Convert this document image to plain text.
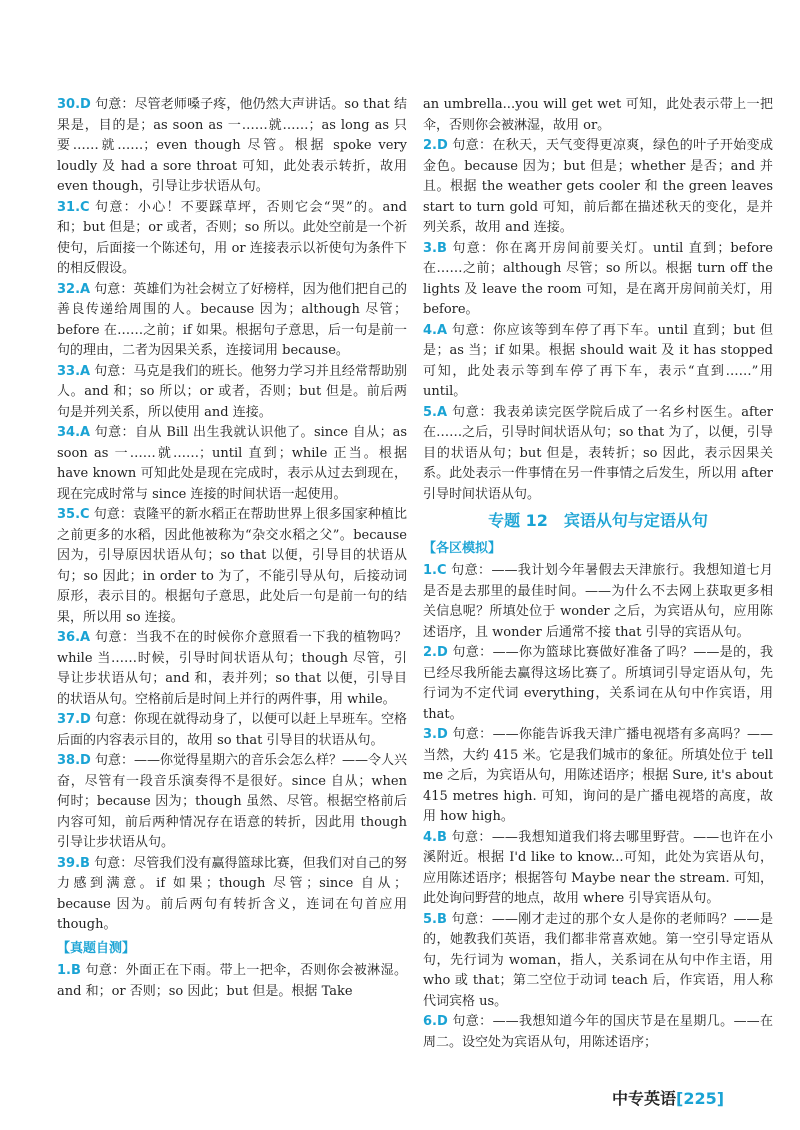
30.D 句意：尽管老师嗓子疼，他仍然大声讲话。so that 结果是，目的是；as soon as 一……就……；as long as 只要……就……；even though 尽管。根据 spoke very loudly 及 had a sore throat 可知，此处表示转折，故用 even though，引导让步状语从句。

31.C 句意：小心！不要踩草坪，否则它会“哭”的。and 和；but 但是；or 或者，否则；so 所以。此处空前是一个祈使句，后面接一个陈述句，用 or 连接表示以祈使句为条件下的相反假设。

32.A 句意：英雄们为社会树立了好榜样，因为他们把自己的善良传递给周围的人。because 因为；although 尽管；before 在……之前；if 如果。根据句子意思，后一句是前一句的理由，二者为因果关系，连接词用 because。

33.A 句意：马克是我们的班长。他努力学习并且经常帮助别人。and 和；so 所以；or 或者，否则；but 但是。前后两句是并列关系，所以使用 and 连接。

34.A 句意：自从 Bill 出生我就认识他了。since 自从；as soon as 一……就……；until 直到；while 正当。根据 have known 可知此处是现在完成时，表示从过去到现在，现在完成时常与 since 连接的时间状语一起使用。

35.C 句意：袁隆平的新水稻正在帮助世界上很多国家种植比之前更多的水稻，因此他被称为“杂交水稻之父”。because 因为，引导原因状语从句；so that 以便，引导目的状语从句；so 因此；in order to 为了，不能引导从句，后接动词原形，表示目的。根据句子意思，此处后一句是前一句的结果，所以用 so 连接。

36.A 句意：当我不在的时候你介意照看一下我的植物吗？while 当……时候，引导时间状语从句；though 尽管，引导让步状语从句；and 和，表并列；so that 以便，引导目的状语从句。空格前后是时间上并行的两件事，用 while。

37.D 句意：你现在就得动身了，以便可以赶上早班车。空格后面的内容表示目的，故用 so that 引导目的状语从句。

38.D 句意：——你觉得星期六的音乐会怎么样？——令人兴奋，尽管有一段音乐演奏得不是很好。since 自从；when 何时；because 因为；though 虽然、尽管。根据空格前后内容可知，前后两种情况存在语意的转折，因此用 though 引导让步状语从句。

39.B 句意：尽管我们没有赢得篮球比赛，但我们对自己的努力感到满意。if 如果；though 尽管；since 自从；because 因为。前后两句有转折含义，连词在句首应用 though。

【真题自测】

1.B 句意：外面正在下雨。带上一把伞，否则你会被淋湿。and 和；or 否则；so 因此；but 但是。根据 Take

an umbrella...you will get wet 可知，此处表示带上一把伞，否则你会被淋湿，故用 or。

2.D 句意：在秋天，天气变得更凉爽，绿色的叶子开始变成金色。because 因为；but 但是；whether 是否；and 并且。根据 the weather gets cooler 和 the green leaves start to turn gold 可知，前后都在描述秋天的变化，是并列关系，故用 and 连接。

3.B 句意：你在离开房间前要关灯。until 直到；before 在……之前；although 尽管；so 所以。根据 turn off the lights 及 leave the room 可知，是在离开房间前关灯，用 before。

4.A 句意：你应该等到车停了再下车。until 直到；but 但是；as 当；if 如果。根据 should wait 及 it has stopped 可知，此处表示等到车停了再下车，表示“直到……”用 until。

5.A 句意：我表弟读完医学院后成了一名乡村医生。after 在……之后，引导时间状语从句；so that 为了，以便，引导目的状语从句；but 但是，表转折；so 因此，表示因果关系。此处表示一件事情在另一件事情之后发生，所以用 after 引导时间状语从句。

专题 12　宾语从句与定语从句
【各区模拟】

1.C 句意：——我计划今年暑假去天津旅行。我想知道七月是否是去那里的最佳时间。——为什么不去网上获取更多相关信息呢？所填处位于 wonder 之后，为宾语从句，应用陈述语序，且 wonder 后通常不接 that 引导的宾语从句。

2.D 句意：——你为篮球比赛做好准备了吗？——是的，我已经尽我所能去赢得这场比赛了。所填词引导定语从句，先行词为不定代词 everything，关系词在从句中作宾语，用 that。

3.D 句意：——你能告诉我天津广播电视塔有多高吗？——当然，大约 415 米。它是我们城市的象征。所填处位于 tell me 之后，为宾语从句，用陈述语序；根据 Sure, it's about 415 metres high. 可知，询问的是广播电视塔的高度，故用 how high。

4.B 句意：——我想知道我们将去哪里野营。——也许在小溪附近。根据 I'd like to know...可知，此处为宾语从句，应用陈述语序；根据答句 Maybe near the stream. 可知，此处询问野营的地点，故用 where 引导宾语从句。

5.B 句意：——刚才走过的那个女人是你的老师吗？——是的，她教我们英语，我们都非常喜欢她。第一空引导定语从句，先行词为 woman，指人，关系词在从句中作主语，用 who 或 that；第二空位于动词 teach 后，作宾语，用人称代词宾格 us。

6.D 句意：——我想知道今年的国庆节是在星期几。——在周二。设空处为宾语从句，用陈述语序；

中专英语[225]
